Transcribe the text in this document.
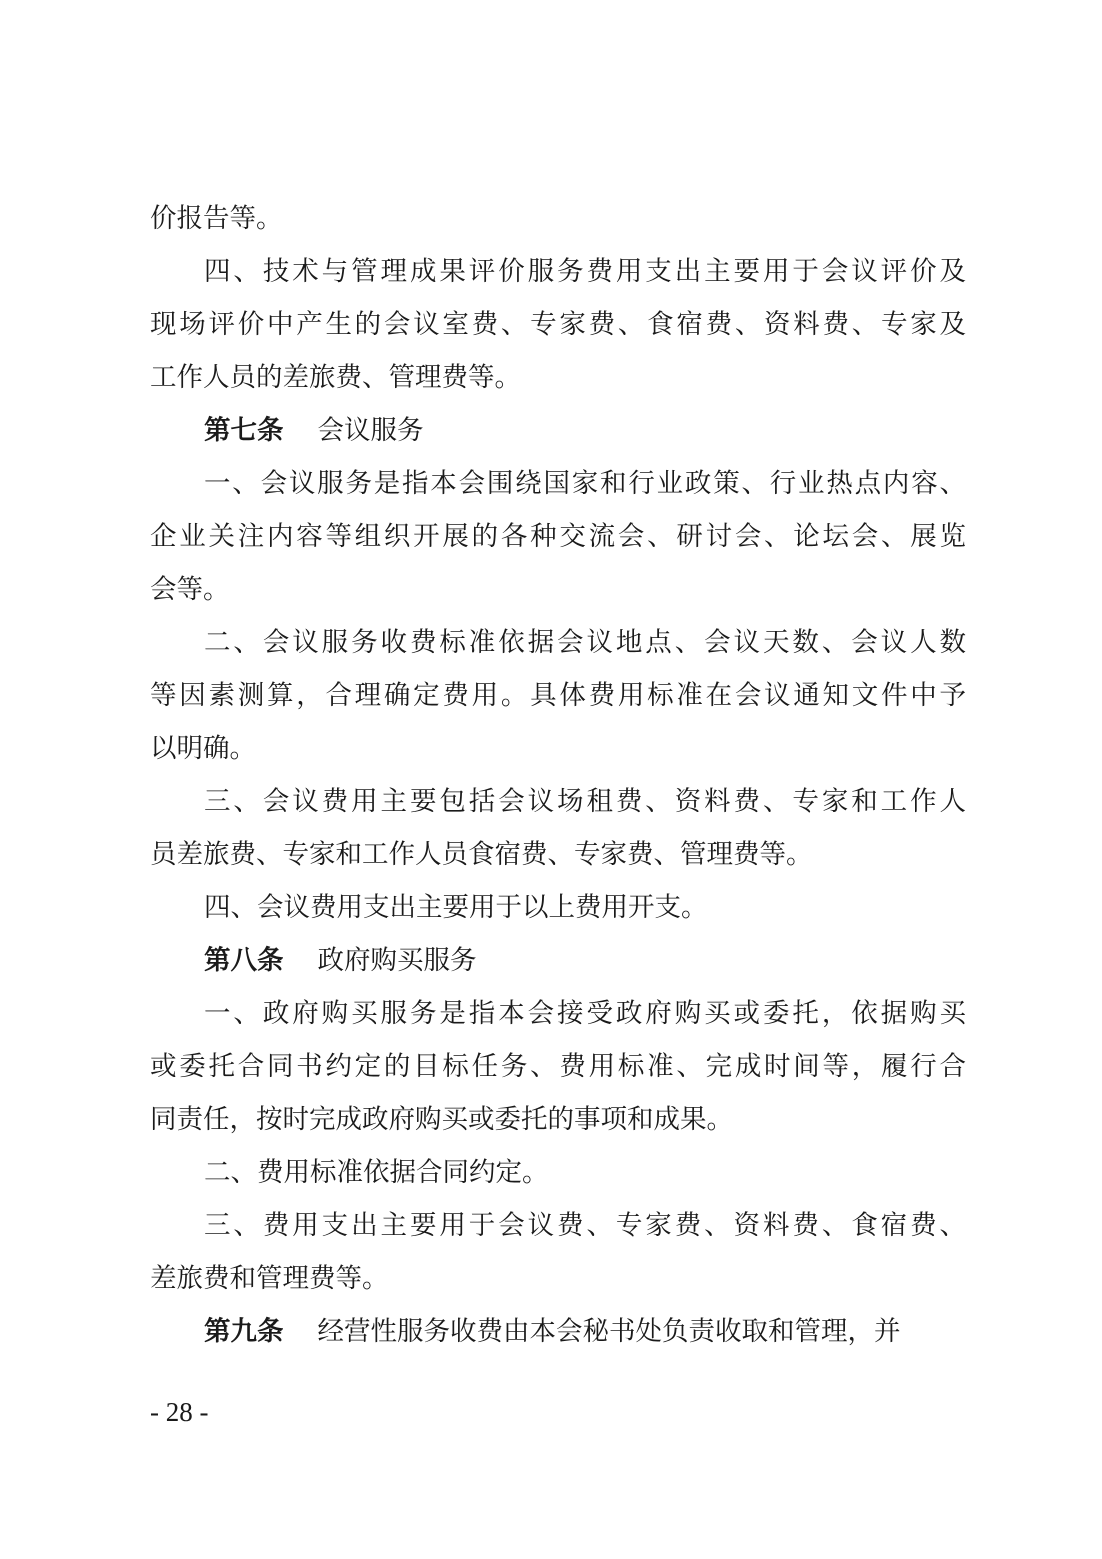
价报告等。
四、技术与管理成果评价服务费用支出主要用于会议评价及
现场评价中产生的会议室费、专家费、食宿费、资料费、专家及
工作人员的差旅费、管理费等。
第七条 会议服务
一、会议服务是指本会围绕国家和行业政策、行业热点内容、
企业关注内容等组织开展的各种交流会、研讨会、论坛会、展览
会等。
二、会议服务收费标准依据会议地点、会议天数、会议人数
等因素测算，合理确定费用。具体费用标准在会议通知文件中予
以明确。
三、会议费用主要包括会议场租费、资料费、专家和工作人
员差旅费、专家和工作人员食宿费、专家费、管理费等。
四、会议费用支出主要用于以上费用开支。
第八条 政府购买服务
一、政府购买服务是指本会接受政府购买或委托，依据购买
或委托合同书约定的目标任务、费用标准、完成时间等，履行合
同责任，按时完成政府购买或委托的事项和成果。
二、费用标准依据合同约定。
三、费用支出主要用于会议费、专家费、资料费、食宿费、
差旅费和管理费等。
第九条 经营性服务收费由本会秘书处负责收取和管理，并
- 28 -
